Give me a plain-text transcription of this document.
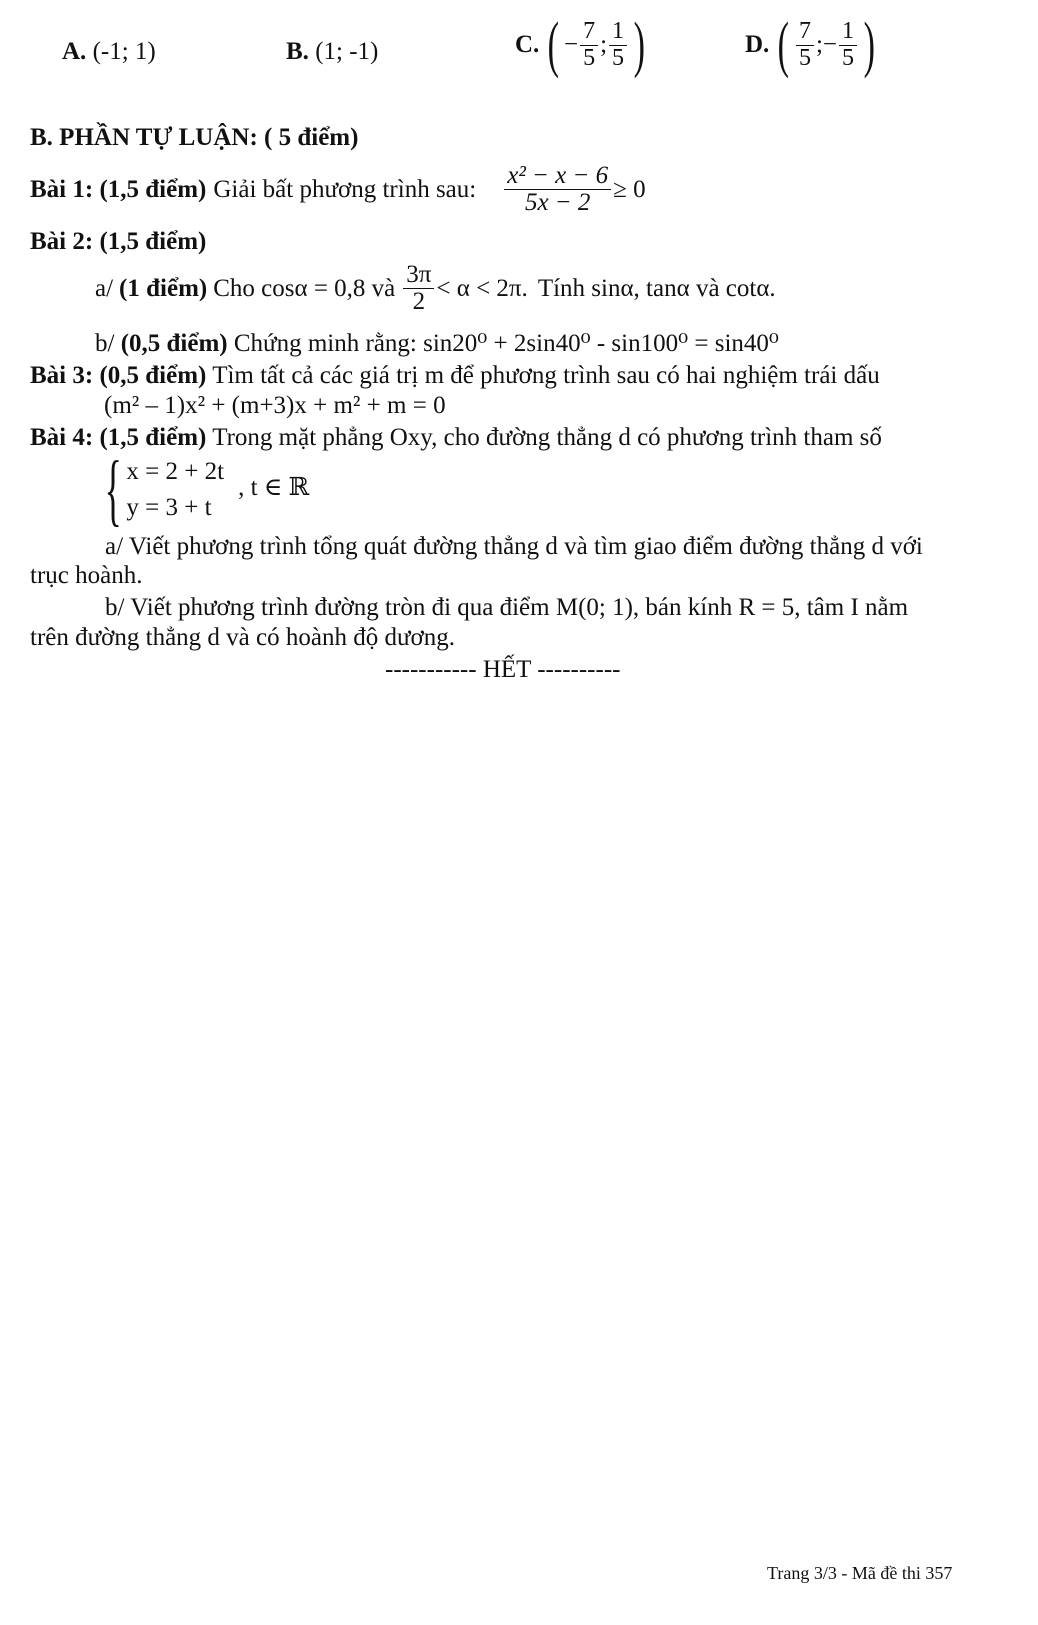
A. (-1; 1)	B. (1; -1)	C. ( − $\frac{7}{5}$ ; $\frac{1}{5}$ )	D. ( $\frac{7}{5}$ ;− $\frac{1}{5}$ )
B. PHẦN TỰ LUẬN: ( 5 điểm)
Bài 1: (1,5 điểm) Giải bất phương trình sau: $\frac{\text{x² − x − 6}}{5x - 2} \ge 0$
Bài 2: (1,5 điểm)
a/ (1 điểm) Cho cosα = 0,8 và $\frac{3\pi}{2} < \alpha < 2\pi$. Tính sinα, tanα và cotα.
b/ (0,5 điểm) Chứng minh rằng: sin20⁰ + 2sin40⁰ - sin100⁰ = sin40⁰
Bài 3: (0,5 điểm) Tìm tất cả các giá trị m để phương trình sau có hai nghiệm trái dấu
(m² – 1)x² + (m+3)x + m² + m = 0
Bài 4: (1,5 điểm) Trong mặt phẳng Oxy, cho đường thẳng d có phương trình tham số
{ x = 2 + 2t
y = 3 + t
, t ∈ ℝ
a/ Viết phương trình tổng quát đường thẳng d và tìm giao điểm đường thẳng d với
trục hoành.
b/ Viết phương trình đường tròn đi qua điểm M(0; 1), bán kính R = 5, tâm I nằm
trên đường thẳng d và có hoành độ dương.
----------- HẾT ----------
Trang 3/3 - Mã đề thi 357
